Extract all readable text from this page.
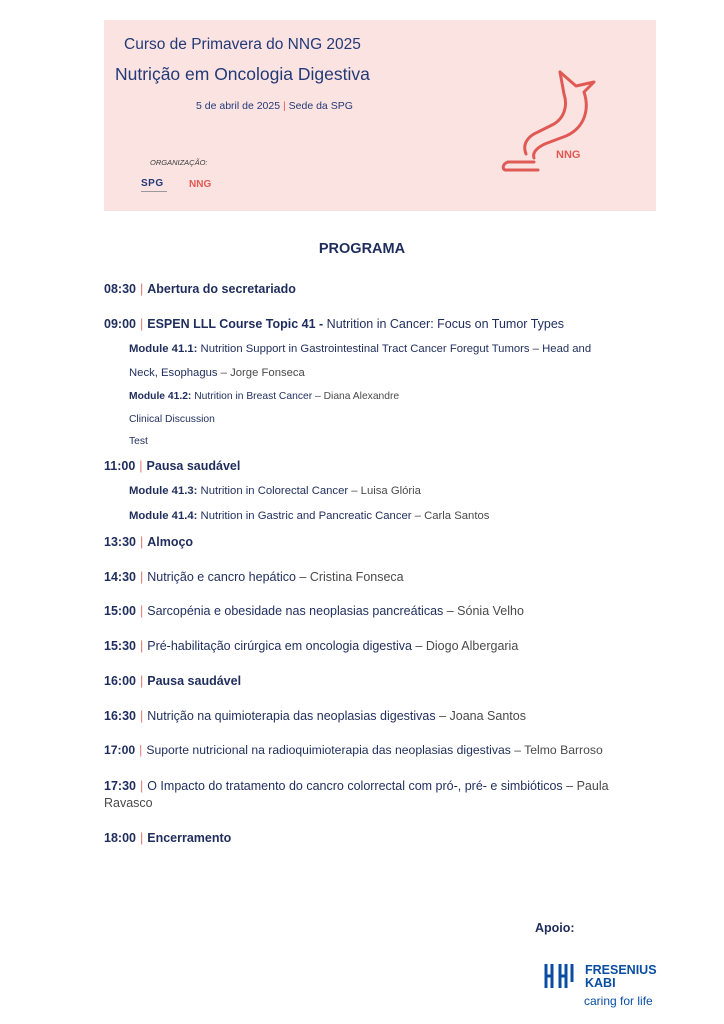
Curso de Primavera do NNG 2025
Nutrição em Oncologia Digestiva
5 de abril de 2025 | Sede da SPG
ORGANIZAÇÃO:
SPG	NNG
NNG
PROGRAMA
08:30 | Abertura do secretariado
09:00 | ESPEN LLL Course Topic 41 - Nutrition in Cancer: Focus on Tumor Types
Module 41.1: Nutrition Support in Gastrointestinal Tract Cancer Foregut Tumors – Head and
Neck, Esophagus – Jorge Fonseca
Module 41.2: Nutrition in Breast Cancer – Diana Alexandre
Clinical Discussion
Test
11:00 | Pausa saudável
Module 41.3: Nutrition in Colorectal Cancer – Luisa Glória
Module 41.4: Nutrition in Gastric and Pancreatic Cancer – Carla Santos
13:30 | Almoço
14:30 | Nutrição e cancro hepático – Cristina Fonseca
15:00 | Sarcopénia e obesidade nas neoplasias pancreáticas – Sónia Velho
15:30 | Pré-habilitação cirúrgica em oncologia digestiva – Diogo Albergaria
16:00 | Pausa saudável
16:30 | Nutrição na quimioterapia das neoplasias digestivas – Joana Santos
17:00 | Suporte nutricional na radioquimioterapia das neoplasias digestivas – Telmo Barroso
17:30 | O Impacto do tratamento do cancro colorrectal com pró-, pré- e simbióticos – Paula Ravasco
18:00 | Encerramento
Apoio:
FRESENIUS
KABI
caring for life
